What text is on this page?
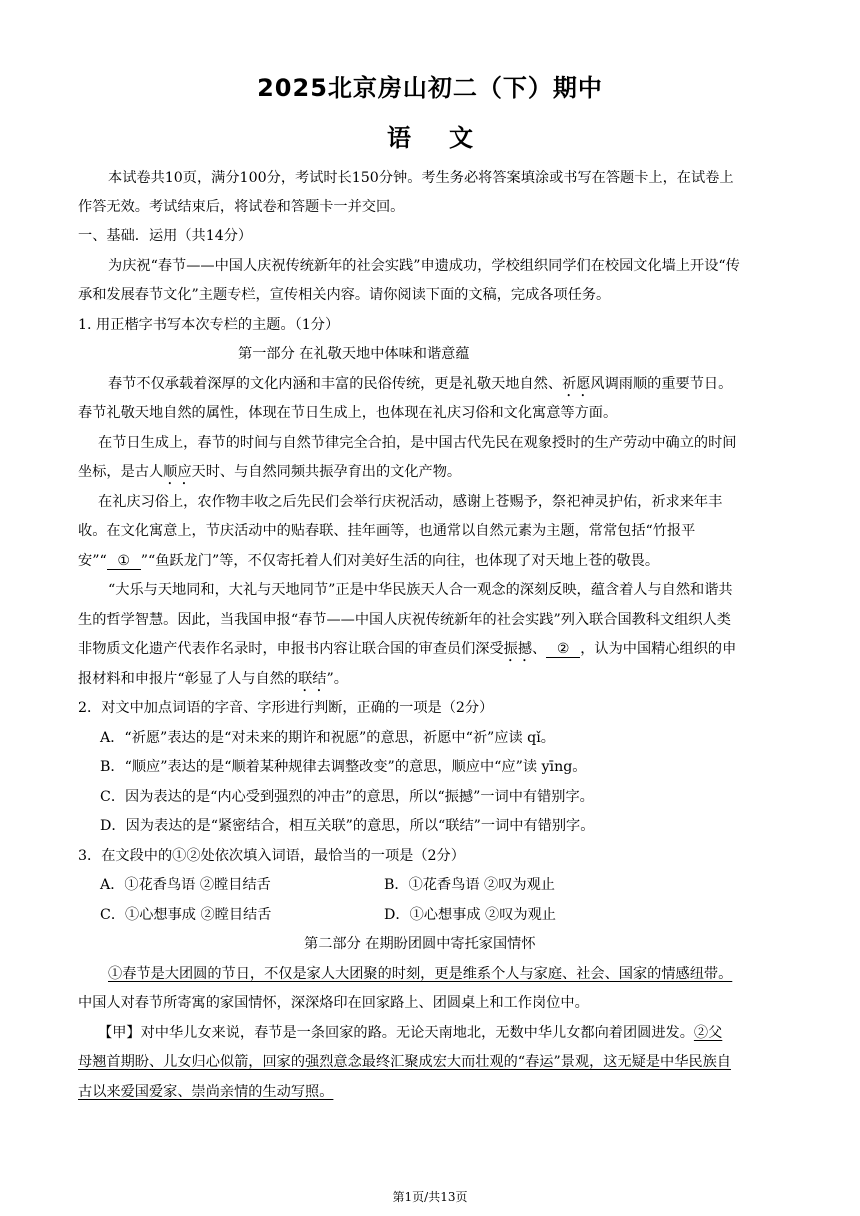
2025北京房山初二（下）期中
语文
本试卷共10页，满分100分，考试时长150分钟。考生务必将答案填涂或书写在答题卡上，在试卷上
作答无效。考试结束后，将试卷和答题卡一并交回。
一、基础．运用（共14分）
为庆祝“春节——中国人庆祝传统新年的社会实践”申遗成功，学校组织同学们在校园文化墙上开设“传
承和发展春节文化”主题专栏，宣传相关内容。请你阅读下面的文稿，完成各项任务。
1. 用正楷字书写本次专栏的主题。（1分）
第一部分 在礼敬天地中体味和谐意蕴
春节不仅承载着深厚的文化内涵和丰富的民俗传统，更是礼敬天地自然、祈愿风调雨顺的重要节日。
春节礼敬天地自然的属性，体现在节日生成上，也体现在礼庆习俗和文化寓意等方面。
在节日生成上，春节的时间与自然节律完全合拍，是中国古代先民在观象授时的生产劳动中确立的时间
坐标，是古人顺应天时、与自然同频共振孕育出的文化产物。
在礼庆习俗上，农作物丰收之后先民们会举行庆祝活动，感谢上苍赐予，祭祀神灵护佑，祈求来年丰
收。在文化寓意上，节庆活动中的贴春联、挂年画等，也通常以自然元素为主题，常常包括“竹报平
安”“ ① ”“鱼跃龙门”等，不仅寄托着人们对美好生活的向往，也体现了对天地上苍的敬畏。
“大乐与天地同和，大礼与天地同节”正是中华民族天人合一观念的深刻反映，蕴含着人与自然和谐共
生的哲学智慧。因此，当我国申报“春节——中国人庆祝传统新年的社会实践”列入联合国教科文组织人类
非物质文化遗产代表作名录时，申报书内容让联合国的审查员们深受振撼、 ② ，认为中国精心组织的申
报材料和申报片“彰显了人与自然的联结”。
2．对文中加点词语的字音、字形进行判断，正确的一项是（2分）
A．“祈愿”表达的是“对未来的期许和祝愿”的意思，祈愿中“祈”应读 qǐ。
B．“顺应”表达的是“顺着某种规律去调整改变”的意思，顺应中“应”读 yīng。
C．因为表达的是“内心受到强烈的冲击”的意思，所以“振撼”一词中有错别字。
D．因为表达的是“紧密结合，相互关联”的意思，所以“联结”一词中有错别字。
3．在文段中的①②处依次填入词语，最恰当的一项是（2分）
A．①花香鸟语 ②瞠目结舌	B．①花香鸟语 ②叹为观止
C．①心想事成 ②瞠目结舌	D．①心想事成 ②叹为观止
第二部分 在期盼团圆中寄托家国情怀
①春节是大团圆的节日，不仅是家人大团聚的时刻，更是维系个人与家庭、社会、国家的情感纽带。
中国人对春节所寄寓的家国情怀，深深烙印在回家路上、团圆桌上和工作岗位中。
【甲】对中华儿女来说，春节是一条回家的路。无论天南地北，无数中华儿女都向着团圆进发。②父
母翘首期盼、儿女归心似箭，回家的强烈意念最终汇聚成宏大而壮观的“春运”景观，这无疑是中华民族自
古以来爱国爱家、崇尚亲情的生动写照。
第1页/共13页
